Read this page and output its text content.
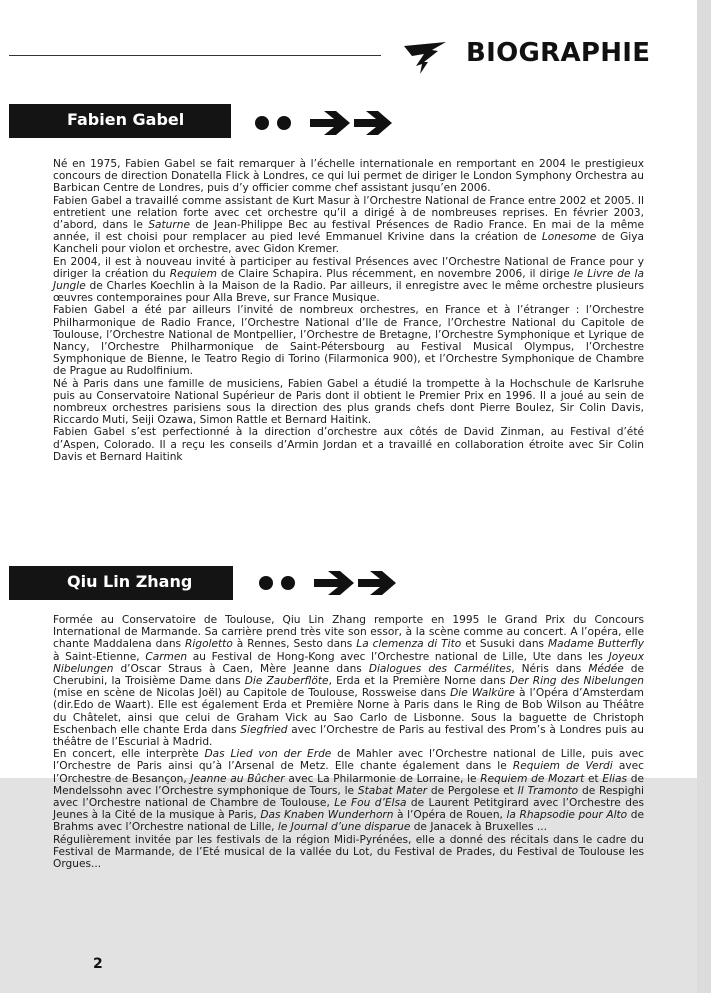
BIOGRAPHIE
Fabien Gabel

Né en 1975, Fabien Gabel se fait remarquer à l’échelle internationale en remportant en 2004 le prestigieux concours de direction Donatella Flick à Londres, ce qui lui permet de diriger le London Symphony Orchestra au Barbican Centre de Londres, puis d’y officier comme chef assistant jusqu’en 2006.

Fabien Gabel a travaillé comme assistant de Kurt Masur à l’Orchestre National de France entre 2002 et 2005. Il entretient une relation forte avec cet orchestre qu’il a dirigé à de nombreuses reprises. En février 2003, d’abord, dans le Saturne de Jean-Philippe Bec au festival Présences de Radio France. En mai de la même année, il est choisi pour remplacer au pied levé Emmanuel Krivine dans la création de Lonesome de Giya Kancheli pour violon et orchestre, avec Gidon Kremer.

En 2004, il est à nouveau invité à participer au festival Présences avec l’Orchestre National de France pour y diriger la création du Requiem de Claire Schapira. Plus récemment, en novembre 2006, il dirige le Livre de la Jungle de Charles Koechlin à la Maison de la Radio. Par ailleurs, il enregistre avec le même orchestre plusieurs œuvres contemporaines pour Alla Breve, sur France Musique.

Fabien Gabel a été par ailleurs l’invité de nombreux orchestres, en France et à l’étranger : l’Orchestre Philharmonique de Radio France, l’Orchestre National d’Ile de France, l’Orchestre National du Capitole de Toulouse, l’Orchestre National de Montpellier, l’Orchestre de Bretagne, l’Orchestre Symphonique et Lyrique de Nancy, l’Orchestre Philharmonique de Saint-Pétersbourg au Festival Musical Olympus, l’Orchestre Symphonique de Bienne, le Teatro Regio di Torino (Filarmonica 900), et l’Orchestre Symphonique de Chambre de Prague au Rudolfinium.

Né à Paris dans une famille de musiciens, Fabien Gabel a étudié la trompette à la Hochschule de Karlsruhe puis au Conservatoire National Supérieur de Paris dont il obtient le Premier Prix en 1996. Il a joué au sein de nombreux orchestres parisiens sous la direction des plus grands chefs dont Pierre Boulez, Sir Colin Davis, Riccardo Muti, Seiji Ozawa, Simon Rattle et Bernard Haitink.

Fabien Gabel s’est perfectionné à la direction d’orchestre aux côtés de David Zinman, au Festival d’été d’Aspen, Colorado. Il a reçu les conseils d’Armin Jordan et a travaillé en collaboration étroite avec Sir Colin Davis et Bernard Haitink

Qiu Lin Zhang

Formée au Conservatoire de Toulouse, Qiu Lin Zhang remporte en 1995 le Grand Prix du Concours International de Marmande. Sa carrière prend très vite son essor, à la scène comme au concert. A l’opéra, elle chante Maddalena dans Rigoletto à Rennes, Sesto dans La clemenza di Tito et Susuki dans Madame Butterfly à Saint-Etienne, Carmen au Festival de Hong-Kong avec l’Orchestre national de Lille, Ute dans les Joyeux Nibelungen d’Oscar Straus à Caen, Mère Jeanne dans Dialogues des Carmélites, Néris dans Médée de Cherubini, la Troisième Dame dans Die Zauberflöte, Erda et la Première Norne dans Der Ring des Nibelungen (mise en scène de Nicolas Joël) au Capitole de Toulouse, Rossweise dans Die Walküre à l’Opéra d’Amsterdam (dir.Edo de Waart). Elle est également Erda et Première Norne à Paris dans le Ring de Bob Wilson au Théâtre du Châtelet, ainsi que celui de Graham Vick au Sao Carlo de Lisbonne. Sous la baguette de Christoph Eschenbach elle chante Erda dans Siegfried avec l’Orchestre de Paris au festival des Prom’s à Londres puis au théâtre de l’Escurial à Madrid.

En concert, elle interprète Das Lied von der Erde de Mahler avec l’Orchestre national de Lille, puis avec l’Orchestre de Paris ainsi qu’à l’Arsenal de Metz. Elle chante également dans le Requiem de Verdi avec l’Orchestre de Besançon, Jeanne au Bûcher avec La Philarmonie de Lorraine, le Requiem de Mozart et Elias de Mendelssohn avec l’Orchestre symphonique de Tours, le Stabat Mater de Pergolese et Il Tramonto de Respighi avec l’Orchestre national de Chambre de Toulouse, Le Fou d’Elsa de Laurent Petitgirard avec l’Orchestre des Jeunes à la Cité de la musique à Paris, Das Knaben Wunderhorn à l’Opéra de Rouen, la Rhapsodie pour Alto de Brahms avec l’Orchestre national de Lille, le Journal d’une disparue de Janacek à Bruxelles ...

Régulièrement invitée par les festivals de la région Midi-Pyrénées, elle a donné des récitals dans le cadre du Festival de Marmande, de l’Eté musical de la vallée du Lot, du Festival de Prades, du Festival de Toulouse les Orgues...

2
